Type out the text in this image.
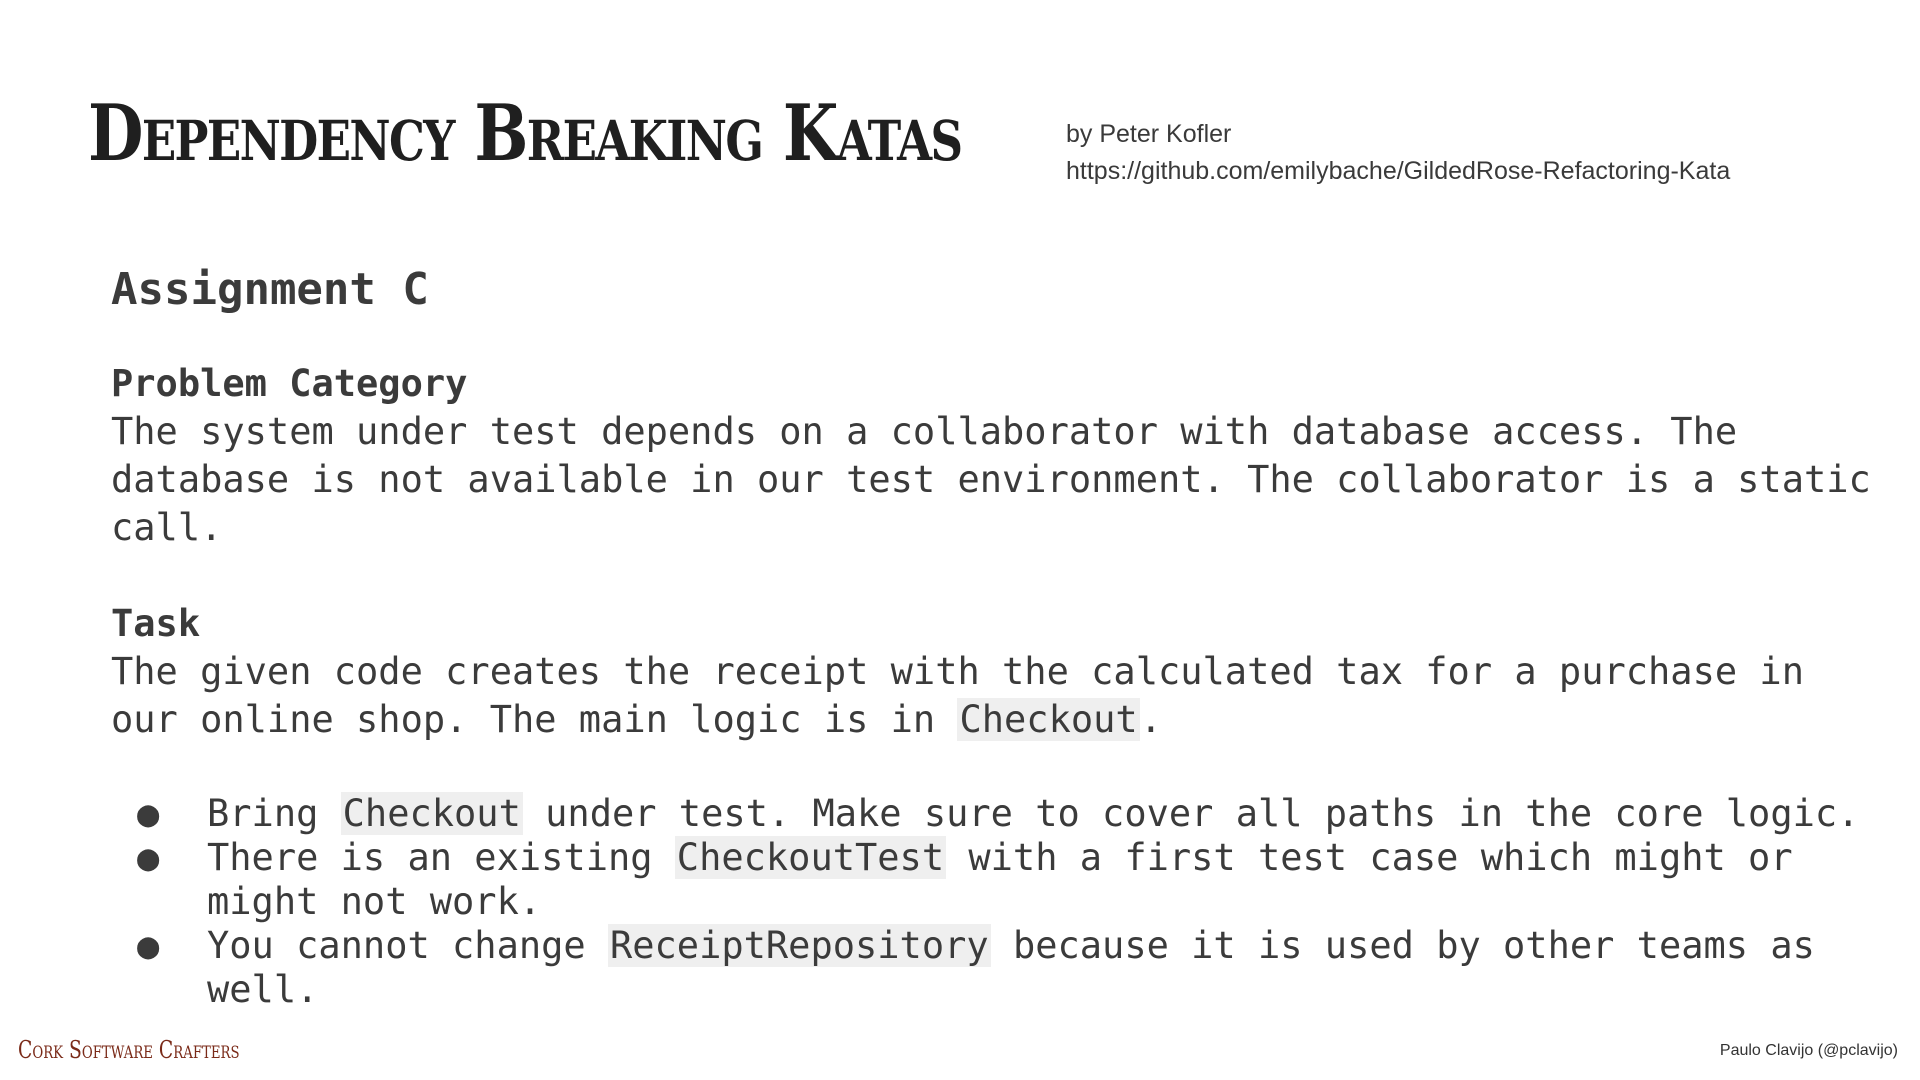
Dependency Breaking Katas	by Peter Kofler
https://github.com/emilybache/GildedRose-Refactoring-Kata
Assignment C
Problem Category

The system under test depends on a collaborator with database access. The database is not available in our test environment. The collaborator is a static call.

Task

The given code creates the receipt with the calculated tax for a purchase in our online shop. The main logic is in Checkout.

● Bring Checkout under test. Make sure to cover all paths in the core logic.
● There is an existing CheckoutTest with a first test case which might or might not work.
● You cannot change ReceiptRepository because it is used by other teams as well.
Cork Software Crafters	Paulo Clavijo (@pclavijo)
